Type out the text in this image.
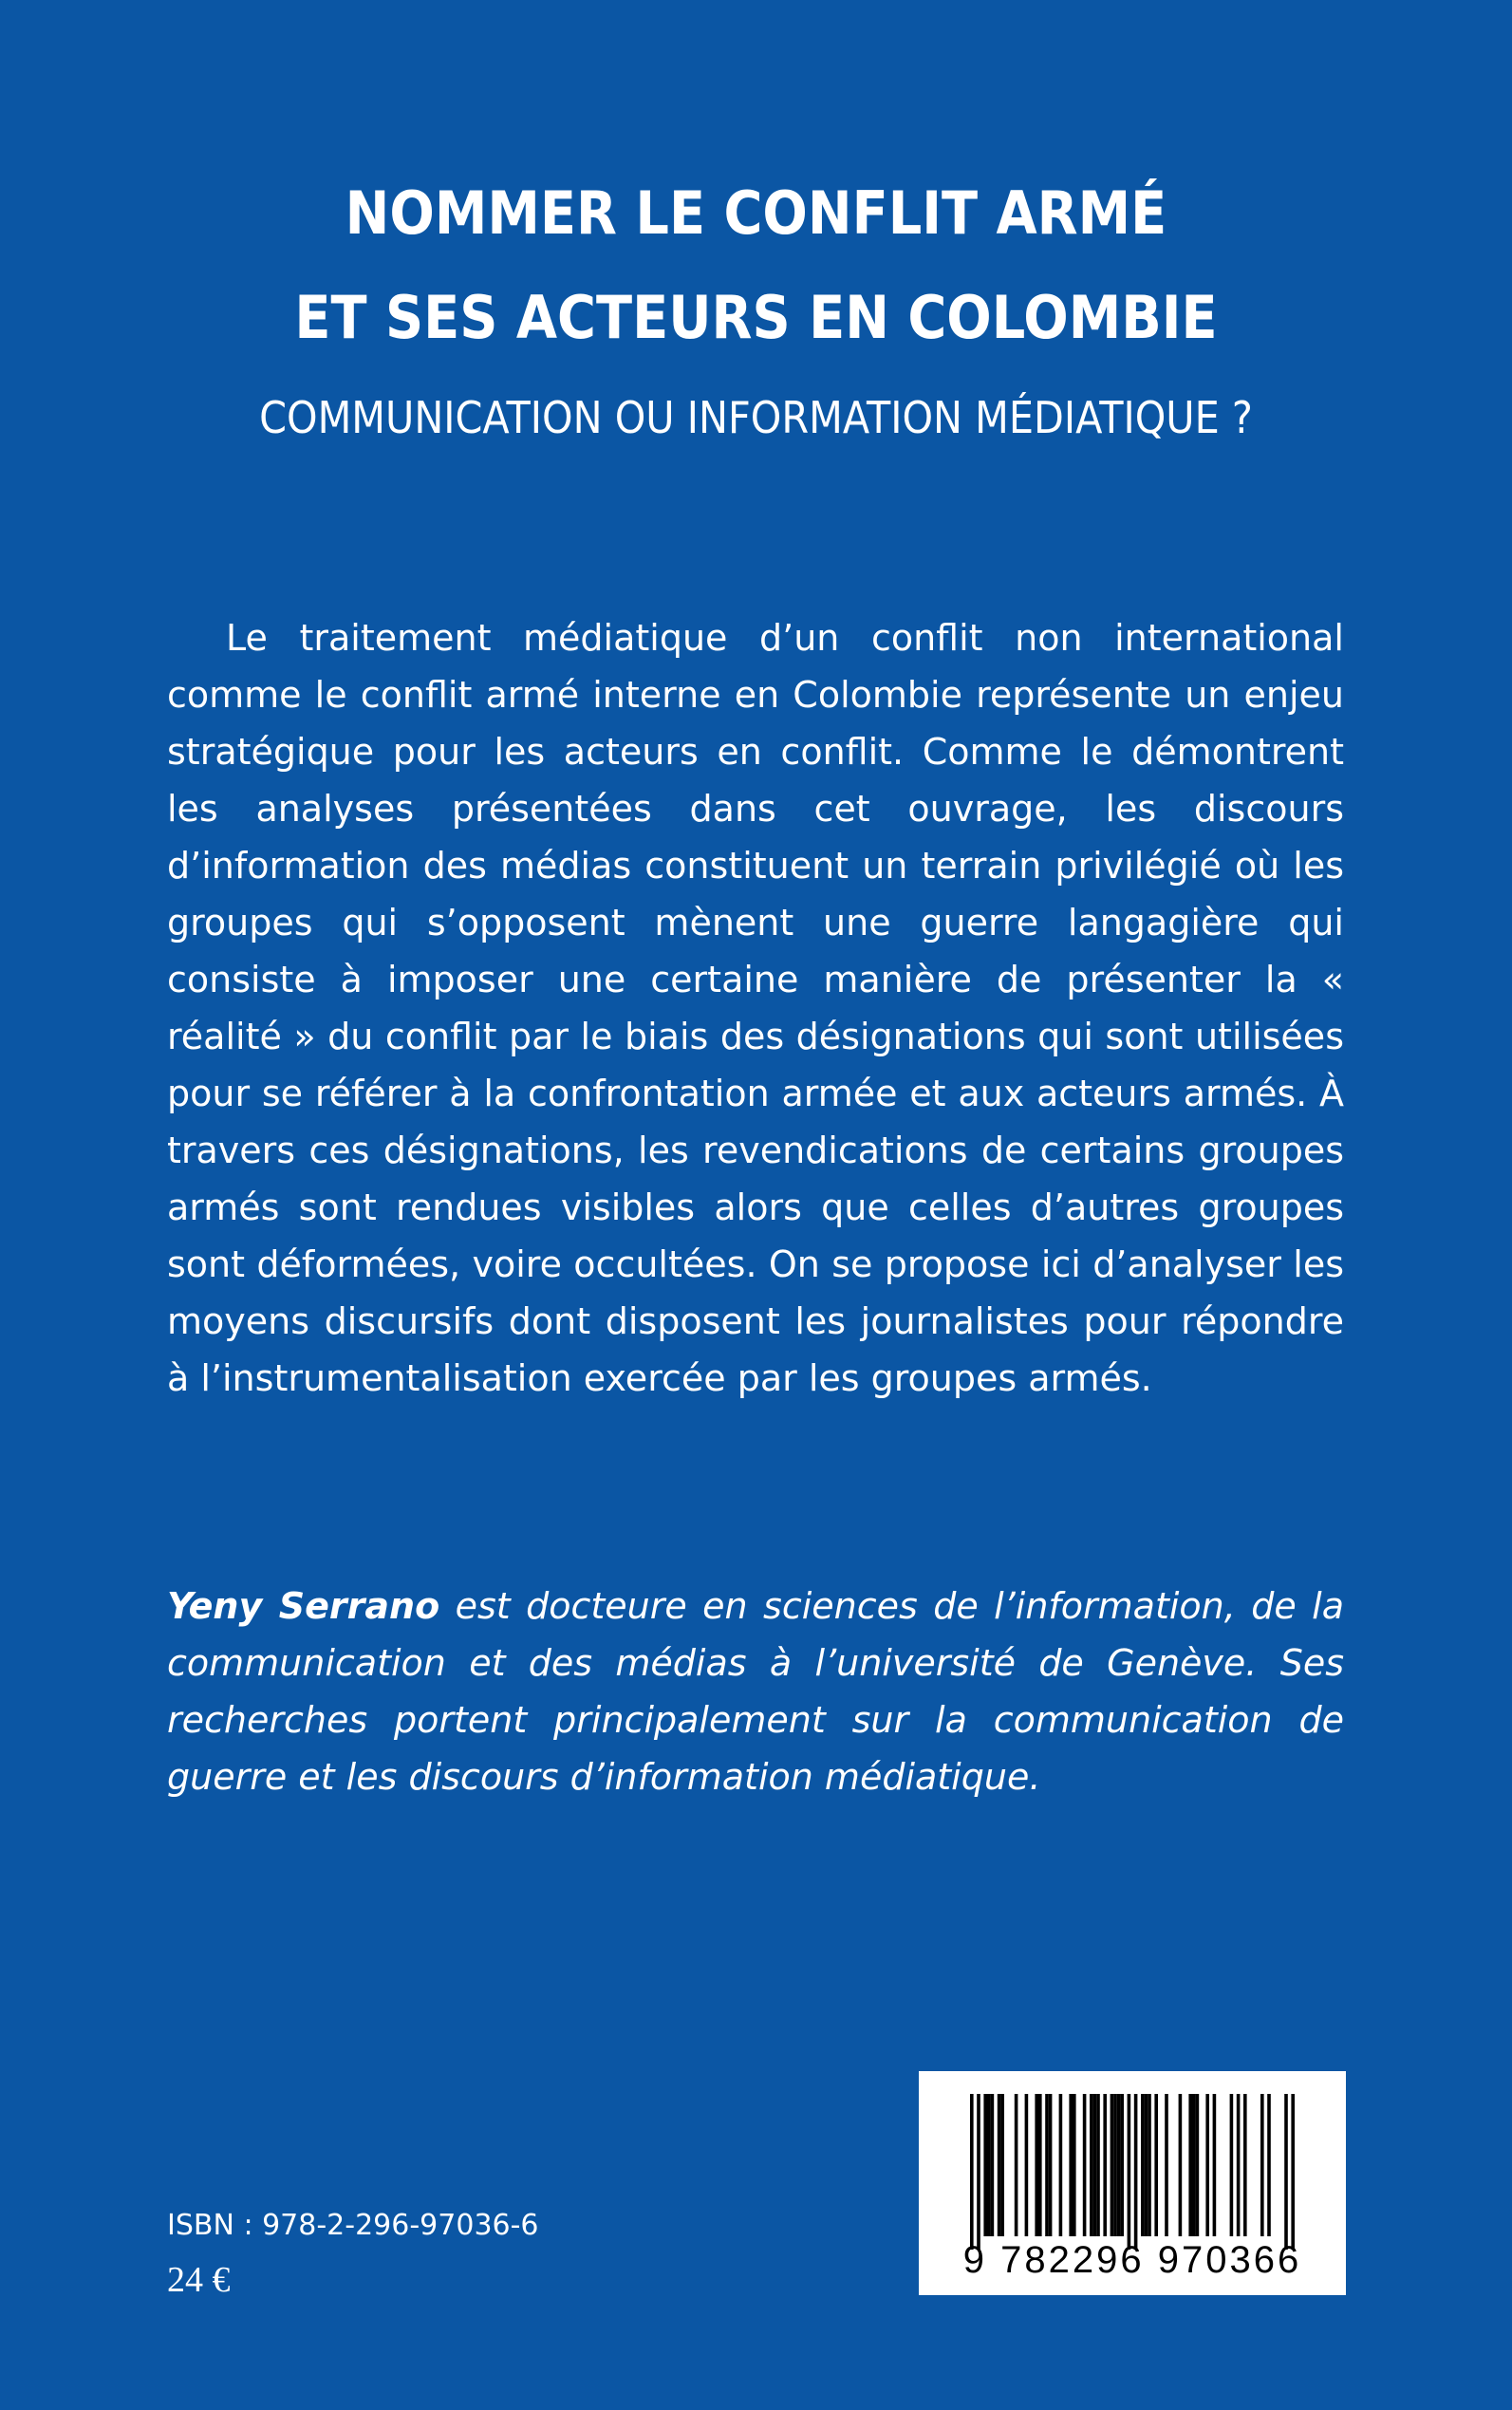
NOMMER LE CONFLIT ARMÉ
ET SES ACTEURS EN COLOMBIE
COMMUNICATION OU INFORMATION MÉDIATIQUE ?

Le traitement médiatique d’un conflit non international comme le conflit armé interne en Colombie représente un enjeu stratégique pour les acteurs en conflit. Comme le démontrent les analyses présentées dans cet ouvrage, les discours d’information des médias constituent un terrain privilégié où les groupes qui s’opposent mènent une guerre langagière qui consiste à imposer une certaine manière de présenter la « réalité » du conflit par le biais des désignations qui sont utilisées pour se référer à la confrontation armée et aux acteurs armés. À travers ces désignations, les revendications de certains groupes armés sont rendues visibles alors que celles d’autres groupes sont déformées, voire occultées. On se propose ici d’analyser les moyens discursifs dont disposent les journalistes pour répondre à l’instrumentalisation exercée par les groupes armés.

Yeny Serrano est docteure en sciences de l’information, de la communication et des médias à l’université de Genève. Ses recherches portent principalement sur la communication de guerre et les discours d’information médiatique.

ISBN : 978-2-296-97036-6
24 €	9 782296 970366
